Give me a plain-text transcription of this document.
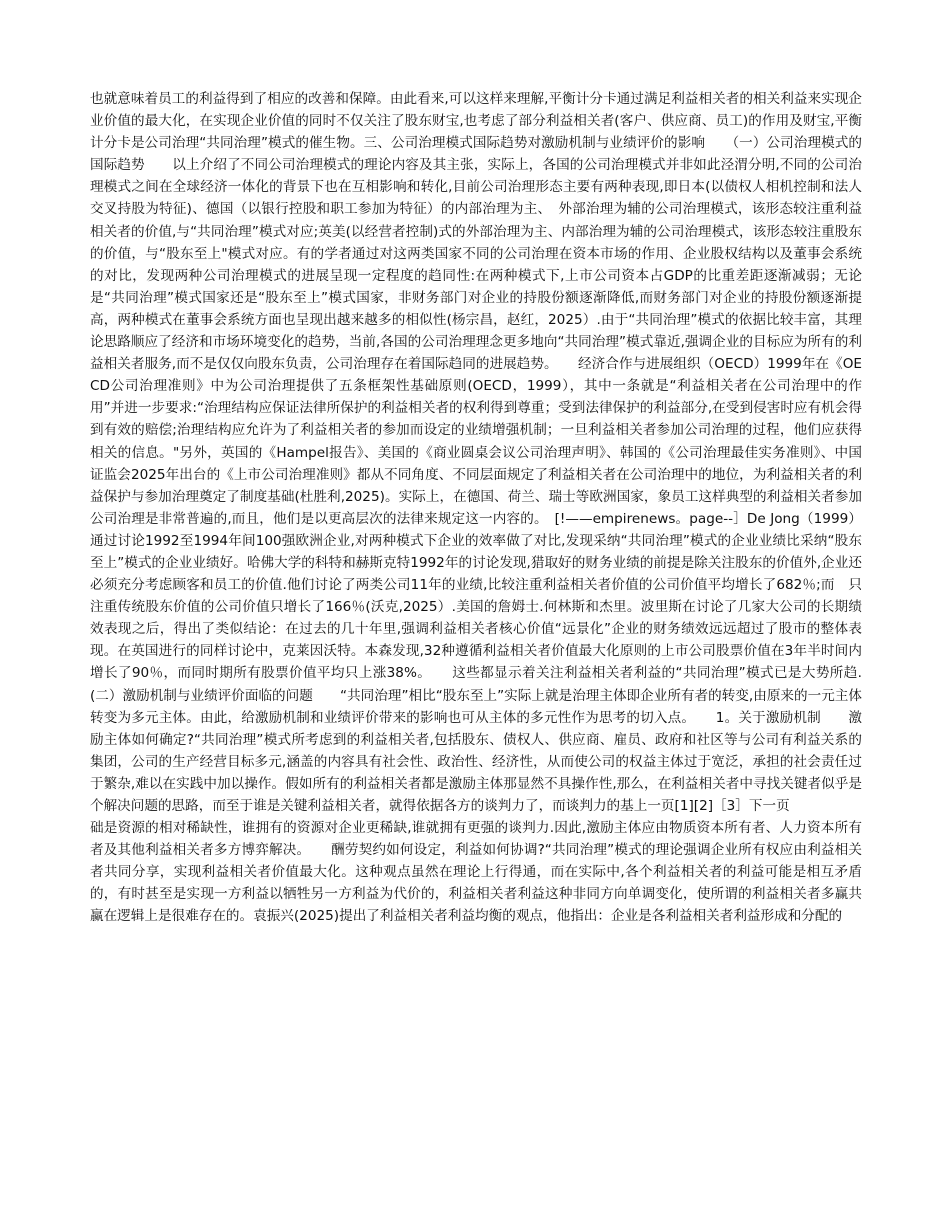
也就意味着员工的利益得到了相应的改善和保障。由此看来,可以这样来理解,平衡计分卡通过满足利益相关者的相关利益来实现企业价值的最大化，在实现企业价值的同时不仅关注了股东财宝,也考虑了部分利益相关者(客户、供应商、员工)的作用及财宝,平衡计分卡是公司治理“共同治理”模式的催生物。三、公司治理模式国际趋势对激励机制与业绩评价的影响　　（一）公司治理模式的国际趋势　　以上介绍了不同公司治理模式的理论内容及其主张，实际上，各国的公司治理模式并非如此泾渭分明,不同的公司治理模式之间在全球经济一体化的背景下也在互相影响和转化,目前公司治理形态主要有两种表现,即日本(以债权人相机控制和法人交叉持股为特征)、德国（以银行控股和职工参加为特征）的内部治理为主、　外部治理为辅的公司治理模式，该形态较注重利益相关者的价值,与“共同治理”模式对应;英美(以经营者控制)式的外部治理为主、内部治理为辅的公司治理模式，该形态较注重股东的价值，与“股东至上"模式对应。有的学者通过对这两类国家不同的公司治理在资本市场的作用、企业股权结构以及董事会系统的对比，发现两种公司治理模式的进展呈现一定程度的趋同性:在两种模式下,上市公司资本占GDP的比重差距逐渐减弱；无论是“共同治理”模式国家还是“股东至上”模式国家，非财务部门对企业的持股份额逐渐降低,而财务部门对企业的持股份额逐渐提高，两种模式在董事会系统方面也呈现出越来越多的相似性(杨宗昌，赵红，2025）.由于“共同治理”模式的依据比较丰富，其理论思路顺应了经济和市场环境变化的趋势，当前,各国的公司治理理念更多地向“共同治理”模式靠近,强调企业的目标应为所有的利益相关者服务,而不是仅仅向股东负责，公司治理存在着国际趋同的进展趋势。　　经济合作与进展组织（OECD）1999年在《OECD公司治理准则》中为公司治理提供了五条框架性基础原则(OECD，1999），其中一条就是“利益相关者在公司治理中的作用”并进一步要求:“治理结构应保证法律所保护的利益相关者的权利得到尊重；受到法律保护的利益部分,在受到侵害时应有机会得到有效的赔偿;治理结构应允许为了利益相关者的参加而设定的业绩增强机制；一旦利益相关者参加公司治理的过程，他们应获得相关的信息。"另外，英国的《Hampel报告》、美国的《商业圆桌会议公司治理声明》、韩国的《公司治理最佳实务准则》、中国证监会2025年出台的《上市公司治理准则》都从不同角度、不同层面规定了利益相关者在公司治理中的地位，为利益相关者的利益保护与参加治理奠定了制度基础(杜胜利,2025)。实际上，在德国、荷兰、瑞士等欧洲国家，象员工这样典型的利益相关者参加公司治理是非常普遍的,而且，他们是以更高层次的法律来规定这一内容的。　[!——empirenews。page--］De Jong（1999）通过讨论1992至1994年间100强欧洲企业,对两种模式下企业的效率做了对比,发现采纳“共同治理”模式的企业业绩比采纳“股东至上”模式的企业业绩好。哈佛大学的科特和赫斯克特1992年的讨论发现,猎取好的财务业绩的前提是除关注股东的价值外,企业还必须充分考虑顾客和员工的价值.他们讨论了两类公司11年的业绩,比较注重利益相关者价值的公司价值平均增长了682％;而　只注重传统股东价值的公司价值只增长了166％(沃克,2025）.美国的詹姆士.何林斯和杰里。波里斯在讨论了几家大公司的长期绩效表现之后，得出了类似结论：在过去的几十年里,强调利益相关者核心价值“远景化”企业的财务绩效远远超过了股市的整体表现。在英国进行的同样讨论中，克莱因沃特。本森发现,32种遵循利益相关者价值最大化原则的上市公司股票价值在3年半时间内增长了90％，而同时期所有股票价值平均只上涨38%。　　这些都显示着关注利益相关者利益的“共同治理”模式已是大势所趋.　　(二）激励机制与业绩评价面临的问题　　“共同治理”相比“股东至上”实际上就是治理主体即企业所有者的转变,由原来的一元主体转变为多元主体。由此，给激励机制和业绩评价带来的影响也可从主体的多元性作为思考的切入点。　　1。关于激励机制　　激励主体如何确定?“共同治理”模式所考虑到的利益相关者,包括股东、债权人、供应商、雇员、政府和社区等与公司有利益关系的集团，公司的生产经营目标多元,涵盖的内容具有社会性、政治性、经济性，从而使公司的权益主体过于宽泛，承担的社会责任过于繁杂,难以在实践中加以操作。假如所有的利益相关者都是激励主体那显然不具操作性,那么，在利益相关者中寻找关键者似乎是个解决问题的思路，而至于谁是关键利益相关者，就得依据各方的谈判力了，而谈判力的基上一页[1][2]［3］下一页

础是资源的相对稀缺性，谁拥有的资源对企业更稀缺,谁就拥有更强的谈判力.因此,激励主体应由物质资本所有者、人力资本所有者及其他利益相关者多方博弈解决。　　酬劳契约如何设定，利益如何协调?“共同治理”模式的理论强调企业所有权应由利益相关者共同分享，实现利益相关者价值最大化。这种观点虽然在理论上行得通，而在实际中,各个利益相关者的利益可能是相互矛盾的，有时甚至是实现一方利益以牺牲另一方利益为代价的，利益相关者利益这种非同方向单调变化，使所谓的利益相关者多赢共赢在逻辑上是很难存在的。袁振兴(2025)提出了利益相关者利益均衡的观点，他指出：企业是各利益相关者利益形成和分配的
